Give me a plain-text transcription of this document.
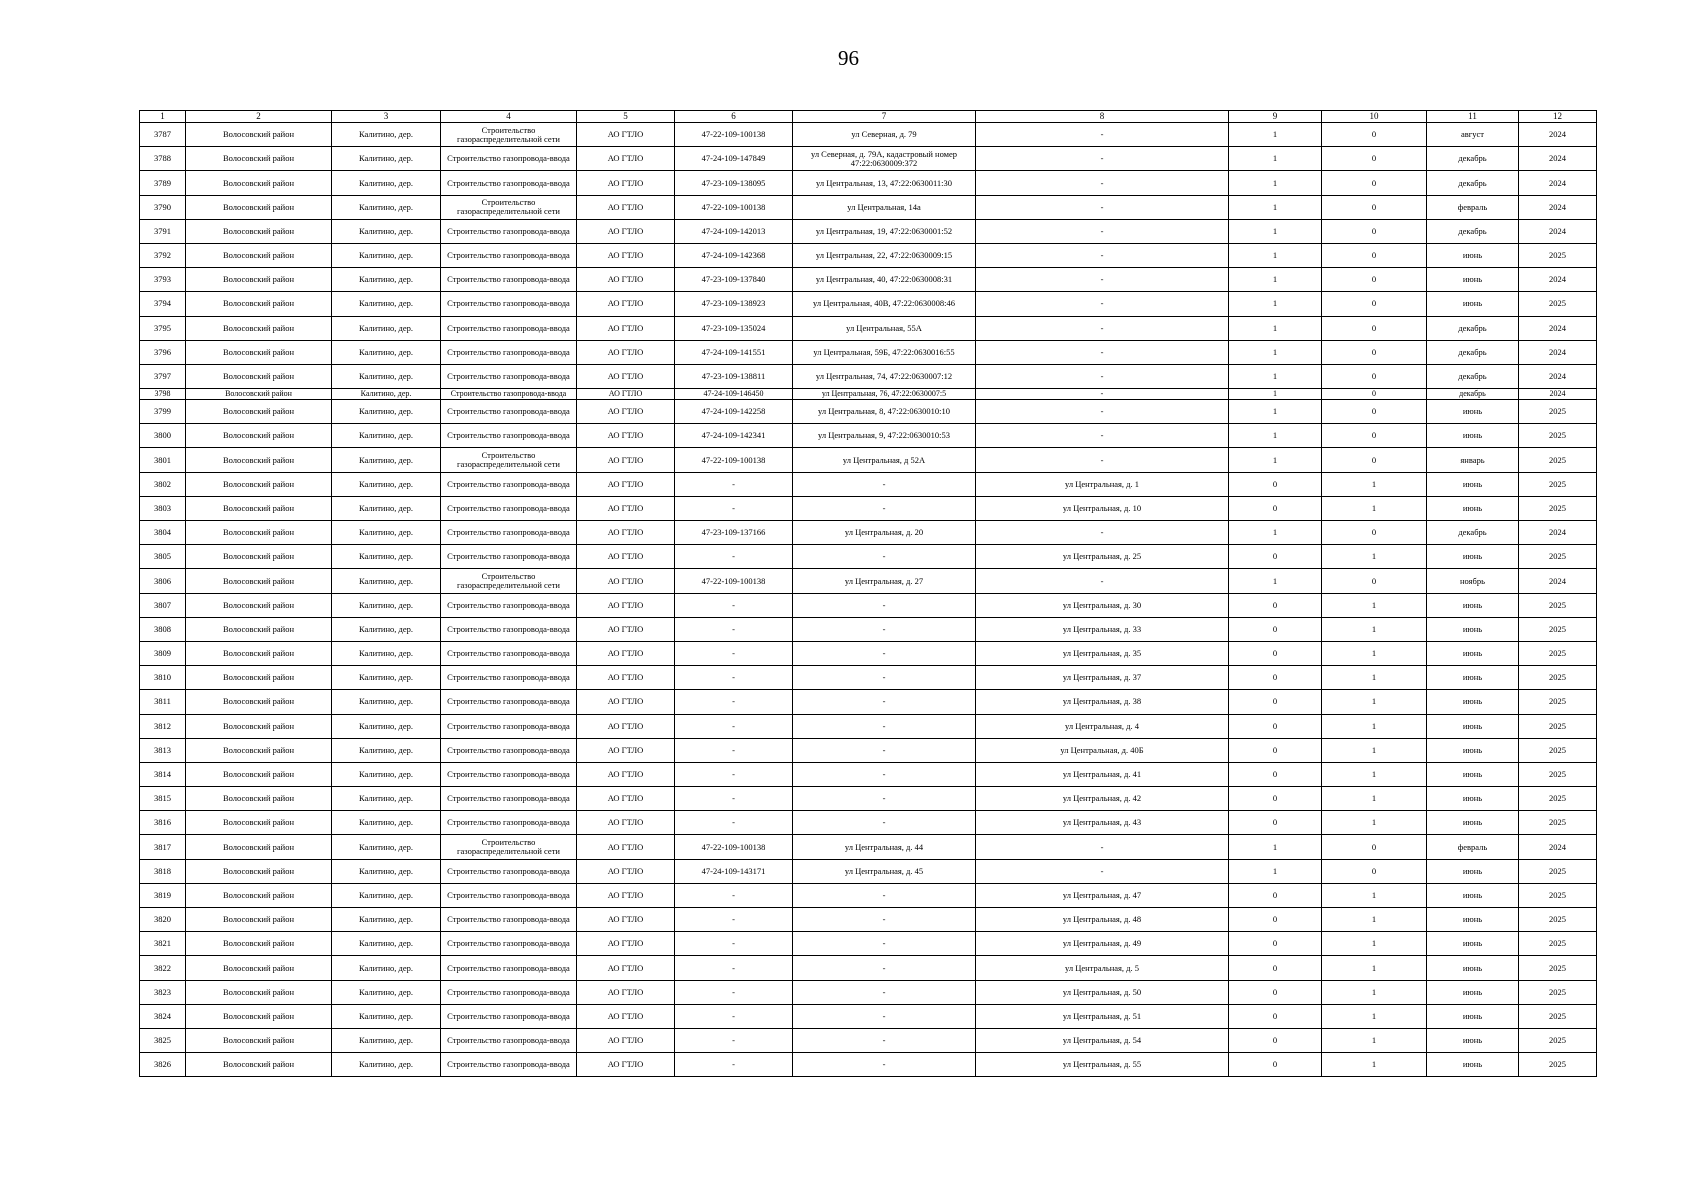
96
1	2	3	4	5	6	7	8	9	10	11	12
3787	Волосовский район	Калитино, дер.	Строительство газораспределительной сети	АО ГТЛО	47-22-109-100138	ул Северная, д. 79	-	1	0	август	2024
3788	Волосовский район	Калитино, дер.	Строительство газопровода-ввода	АО ГТЛО	47-24-109-147849	ул Северная, д. 79А, кадастровый номер 47:22:0630009:372	-	1	0	декабрь	2024
3789	Волосовский район	Калитино, дер.	Строительство газопровода-ввода	АО ГТЛО	47-23-109-138095	ул Центральная, 13, 47:22:0630011:30	-	1	0	декабрь	2024
3790	Волосовский район	Калитино, дер.	Строительство газораспределительной сети	АО ГТЛО	47-22-109-100138	ул Центральная, 14а	-	1	0	февраль	2024
3791	Волосовский район	Калитино, дер.	Строительство газопровода-ввода	АО ГТЛО	47-24-109-142013	ул Центральная, 19, 47:22:0630001:52	-	1	0	декабрь	2024
3792	Волосовский район	Калитино, дер.	Строительство газопровода-ввода	АО ГТЛО	47-24-109-142368	ул Центральная, 22, 47:22:0630009:15	-	1	0	июнь	2025
3793	Волосовский район	Калитино, дер.	Строительство газопровода-ввода	АО ГТЛО	47-23-109-137840	ул Центральная, 40, 47:22:0630008:31	-	1	0	июнь	2024
3794	Волосовский район	Калитино, дер.	Строительство газопровода-ввода	АО ГТЛО	47-23-109-138923	ул Центральная, 40В, 47:22:0630008:46	-	1	0	июнь	2025
3795	Волосовский район	Калитино, дер.	Строительство газопровода-ввода	АО ГТЛО	47-23-109-135024	ул Центральная, 55А	-	1	0	декабрь	2024
3796	Волосовский район	Калитино, дер.	Строительство газопровода-ввода	АО ГТЛО	47-24-109-141551	ул Центральная, 59Б, 47:22:0630016:55	-	1	0	декабрь	2024
3797	Волосовский район	Калитино, дер.	Строительство газопровода-ввода	АО ГТЛО	47-23-109-138811	ул Центральная, 74, 47:22:0630007:12	-	1	0	декабрь	2024
3798	Волосовский район	Калитино, дер.	Строительство газопровода-ввода	АО ГТЛО	47-24-109-146450	ул Центральная, 76, 47:22:0630007:5	-	1	0	декабрь	2024
3799	Волосовский район	Калитино, дер.	Строительство газопровода-ввода	АО ГТЛО	47-24-109-142258	ул Центральная, 8, 47:22:0630010:10	-	1	0	июнь	2025
3800	Волосовский район	Калитино, дер.	Строительство газопровода-ввода	АО ГТЛО	47-24-109-142341	ул Центральная, 9, 47:22:0630010:53	-	1	0	июнь	2025
3801	Волосовский район	Калитино, дер.	Строительство газораспределительной сети	АО ГТЛО	47-22-109-100138	ул Центральная, д 52А	-	1	0	январь	2025
3802	Волосовский район	Калитино, дер.	Строительство газопровода-ввода	АО ГТЛО	-	-	ул Центральная, д. 1	0	1	июнь	2025
3803	Волосовский район	Калитино, дер.	Строительство газопровода-ввода	АО ГТЛО	-	-	ул Центральная, д. 10	0	1	июнь	2025
3804	Волосовский район	Калитино, дер.	Строительство газопровода-ввода	АО ГТЛО	47-23-109-137166	ул Центральная, д. 20	-	1	0	декабрь	2024
3805	Волосовский район	Калитино, дер.	Строительство газопровода-ввода	АО ГТЛО	-	-	ул Центральная, д. 25	0	1	июнь	2025
3806	Волосовский район	Калитино, дер.	Строительство газораспределительной сети	АО ГТЛО	47-22-109-100138	ул Центральная, д. 27	-	1	0	ноябрь	2024
3807	Волосовский район	Калитино, дер.	Строительство газопровода-ввода	АО ГТЛО	-	-	ул Центральная, д. 30	0	1	июнь	2025
3808	Волосовский район	Калитино, дер.	Строительство газопровода-ввода	АО ГТЛО	-	-	ул Центральная, д. 33	0	1	июнь	2025
3809	Волосовский район	Калитино, дер.	Строительство газопровода-ввода	АО ГТЛО	-	-	ул Центральная, д. 35	0	1	июнь	2025
3810	Волосовский район	Калитино, дер.	Строительство газопровода-ввода	АО ГТЛО	-	-	ул Центральная, д. 37	0	1	июнь	2025
3811	Волосовский район	Калитино, дер.	Строительство газопровода-ввода	АО ГТЛО	-	-	ул Центральная, д. 38	0	1	июнь	2025
3812	Волосовский район	Калитино, дер.	Строительство газопровода-ввода	АО ГТЛО	-	-	ул Центральная, д. 4	0	1	июнь	2025
3813	Волосовский район	Калитино, дер.	Строительство газопровода-ввода	АО ГТЛО	-	-	ул Центральная, д. 40Б	0	1	июнь	2025
3814	Волосовский район	Калитино, дер.	Строительство газопровода-ввода	АО ГТЛО	-	-	ул Центральная, д. 41	0	1	июнь	2025
3815	Волосовский район	Калитино, дер.	Строительство газопровода-ввода	АО ГТЛО	-	-	ул Центральная, д. 42	0	1	июнь	2025
3816	Волосовский район	Калитино, дер.	Строительство газопровода-ввода	АО ГТЛО	-	-	ул Центральная, д. 43	0	1	июнь	2025
3817	Волосовский район	Калитино, дер.	Строительство газораспределительной сети	АО ГТЛО	47-22-109-100138	ул Центральная, д. 44	-	1	0	февраль	2024
3818	Волосовский район	Калитино, дер.	Строительство газопровода-ввода	АО ГТЛО	47-24-109-143171	ул Центральная, д. 45	-	1	0	июнь	2025
3819	Волосовский район	Калитино, дер.	Строительство газопровода-ввода	АО ГТЛО	-	-	ул Центральная, д. 47	0	1	июнь	2025
3820	Волосовский район	Калитино, дер.	Строительство газопровода-ввода	АО ГТЛО	-	-	ул Центральная, д. 48	0	1	июнь	2025
3821	Волосовский район	Калитино, дер.	Строительство газопровода-ввода	АО ГТЛО	-	-	ул Центральная, д. 49	0	1	июнь	2025
3822	Волосовский район	Калитино, дер.	Строительство газопровода-ввода	АО ГТЛО	-	-	ул Центральная, д. 5	0	1	июнь	2025
3823	Волосовский район	Калитино, дер.	Строительство газопровода-ввода	АО ГТЛО	-	-	ул Центральная, д. 50	0	1	июнь	2025
3824	Волосовский район	Калитино, дер.	Строительство газопровода-ввода	АО ГТЛО	-	-	ул Центральная, д. 51	0	1	июнь	2025
3825	Волосовский район	Калитино, дер.	Строительство газопровода-ввода	АО ГТЛО	-	-	ул Центральная, д. 54	0	1	июнь	2025
3826	Волосовский район	Калитино, дер.	Строительство газопровода-ввода	АО ГТЛО	-	-	ул Центральная, д. 55	0	1	июнь	2025
